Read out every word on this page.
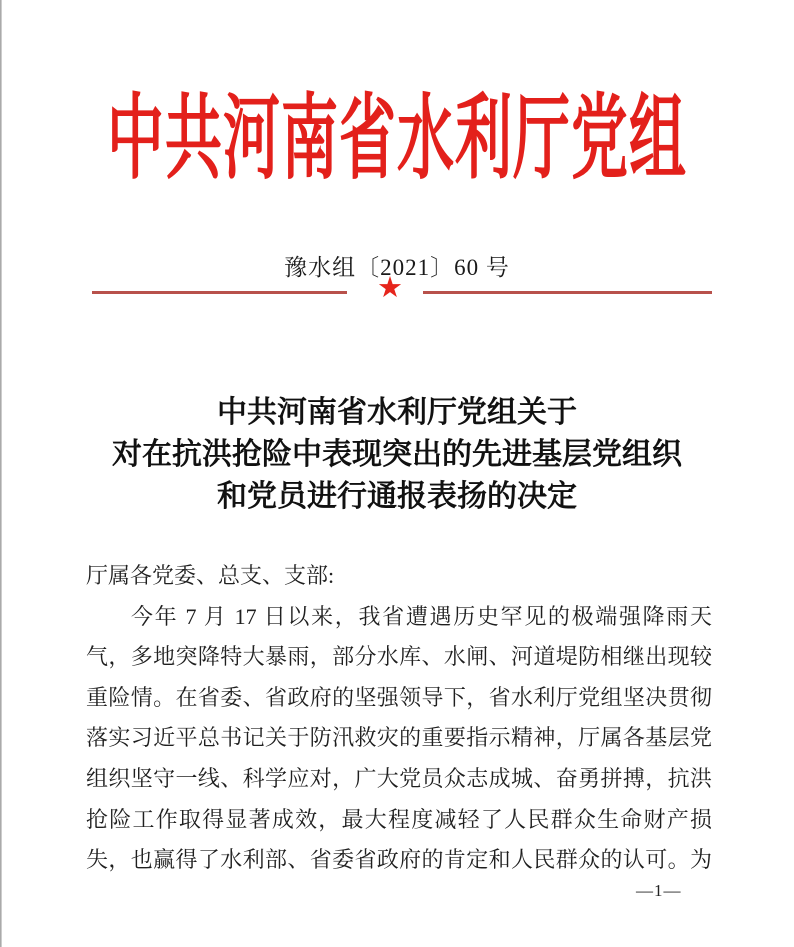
中共河南省水利厅党组
豫水组〔2021〕60 号
★
中共河南省水利厅党组关于
对在抗洪抢险中表现突出的先进基层党组织
和党员进行通报表扬的决定
厅属各党委、总支、支部:
今年 7 月 17 日以来，我省遭遇历史罕见的极端强降雨天
气，多地突降特大暴雨，部分水库、水闸、河道堤防相继出现较
重险情。在省委、省政府的坚强领导下，省水利厅党组坚决贯彻
落实习近平总书记关于防汛救灾的重要指示精神，厅属各基层党
组织坚守一线、科学应对，广大党员众志成城、奋勇拼搏，抗洪
抢险工作取得显著成效，最大程度减轻了人民群众生命财产损
失，也赢得了水利部、省委省政府的肯定和人民群众的认可。为
—1—
